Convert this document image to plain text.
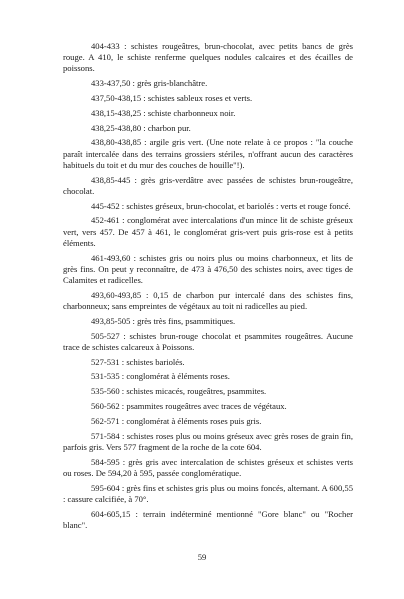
404-433 : schistes rougeâtres, brun-chocolat, avec petits bancs de grès rouge. A 410, le schiste renferme quelques nodules calcaires et des écailles de poissons.

433-437,50 : grès gris-blanchâtre.

437,50-438,15 : schistes sableux roses et verts.

438,15-438,25 : schiste charbonneux noir.

438,25-438,80 : charbon pur.

438,80-438,85 : argile gris vert. (Une note relate à ce propos : "la couche paraît intercalée dans des terrains grossiers stériles, n'offrant aucun des caractères habituels du toit et du mur des couches de houille"!).

438,85-445 : grès gris-verdâtre avec passées de schistes brun-rougeâtre, chocolat.

445-452 : schistes gréseux, brun-chocolat, et bariolés : verts et rouge foncé.

452-461 : conglomérat avec intercalations d'un mince lit de schiste gréseux vert, vers 457. De 457 à 461, le conglomérat gris-vert puis gris-rose est à petits éléments.

461-493,60 : schistes gris ou noirs plus ou moins charbonneux, et lits de grès fins. On peut y reconnaître, de 473 à 476,50 des schistes noirs, avec tiges de Calamites et radicelles.

493,60-493,85 : 0,15 de charbon pur intercalé dans des schistes fins, charbonneux; sans empreintes de végétaux au toit ni radicelles au pied.

493,85-505 : grès très fins, psammitiques.

505-527 : schistes brun-rouge chocolat et psammites rougeâtres. Aucune trace de schistes calcareux à Poissons.

527-531 : schistes bariolés.

531-535 : conglomérat à éléments roses.

535-560 : schistes micacés, rougeâtres, psammites.

560-562 : psammites rougeâtres avec traces de végétaux.

562-571 : conglomérat à éléments roses puis gris.

571-584 : schistes roses plus ou moins gréseux avec grès roses de grain fin, parfois gris. Vers 577 fragment de la roche de la cote 604.

584-595 : grès gris avec intercalation de schistes gréseux et schistes verts ou roses. De 594,20 à 595, passée conglomératique.

595-604 : grès fins et schistes gris plus ou moins foncés, alternant. A 600,55 : cassure calcifiée, à 70°.

604-605,15 : terrain indéterminé mentionné "Gore blanc" ou "Rocher blanc".

59
